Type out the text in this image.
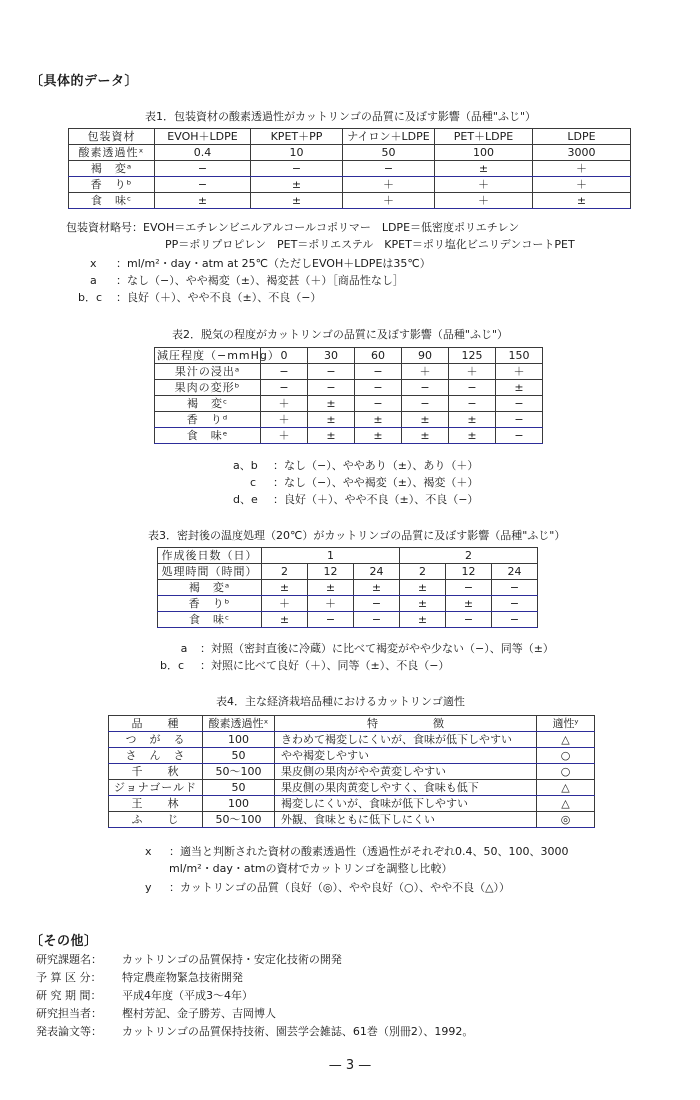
〔具体的データ〕
表1．包装資材の酸素透過性がカットリンゴの品質に及ぼす影響（品種"ふじ"）
包装資材	EVOH＋LDPE	KPET＋PP	ナイロン＋LDPE	PET＋LDPE	LDPE
酸素透過性ˣ	0.4	10	50	100	3000
褐　変ᵃ	−	−	−	±	＋
香　りᵇ	−	±	＋	＋	＋
食　味ᶜ	±	±	＋	＋	±
包装資材略号：EVOH＝エチレンビニルアルコールコポリマー　LDPE＝低密度ポリエチレン
PP＝ポリプロピレン　PET＝ポリエステル　KPET＝ポリ塩化ビニリデンコートPET
x ：ml/m²・day・atm at 25℃（ただしEVOH＋LDPEは35℃）
a ：なし（−）、やや褐変（±）、褐変甚（＋）［商品性なし］
b．c ：良好（＋）、やや不良（±）、不良（−）
表2．脱気の程度がカットリンゴの品質に及ぼす影響（品種"ふじ"）
減圧程度（−mmHg）	0	30	60	90	125	150
果汁の浸出ᵃ	−	−	−	＋	＋	＋
果肉の変形ᵇ	−	−	−	−	−	±
褐　変ᶜ	＋	±	−	−	−	−
香　りᵈ	＋	±	±	±	±	−
食　味ᵉ	＋	±	±	±	±	−
a、b ：なし（−）、ややあり（±）、あり（＋）
c ：なし（−）、やや褐変（±）、褐変（＋）
d、e ：良好（＋）、やや不良（±）、不良（−）
表3．密封後の温度処理（20℃）がカットリンゴの品質に及ぼす影響（品種"ふじ"）
作成後日数（日）	1			2		
処理時間（時間）	2	12	24	2	12	24
褐　変ᵃ	±	±	±	±	−	−
香　りᵇ	＋	＋	−	±	±	−
食　味ᶜ	±	−	−	±	−	−
a ：対照（密封直後に冷蔵）に比べて褐変がやや少ない（−）、同等（±）
b．c ：対照に比べて良好（＋）、同等（±）、不良（−）
表4．主な経済栽培品種におけるカットリンゴ適性
品　　種	酸素透過性ˣ	特　　　　　徴	適性ʸ
つ　が　る	100	きわめて褐変しにくいが、食味が低下しやすい	△
さ　ん　さ	50	やや褐変しやすい	○
千　　秋	50〜100	果皮側の果肉がやや黄変しやすい	○
ジョナゴールド	50	果皮側の果肉黄変しやすく、食味も低下	△
王　　林	100	褐変しにくいが、食味が低下しやすい	△
ふ　　じ	50〜100	外観、食味ともに低下しにくい	◎
x ：適当と判断された資材の酸素透過性（透過性がそれぞれ0.4、50、100、3000
ml/m²・day・atmの資材でカットリンゴを調整し比較）
y ：カットリンゴの品質（良好（◎）、やや良好（○）、やや不良（△））
〔その他〕
研究課題名： カットリンゴの品質保持・安定化技術の開発
予 算 区 分： 特定農産物緊急技術開発
研 究 期 間： 平成4年度（平成3〜4年）
研究担当者： 樫村芳記、金子勝芳、吉岡博人
発表論文等： カットリンゴの品質保持技術、園芸学会雑誌、61巻（別冊2）、1992。
— 3 —
